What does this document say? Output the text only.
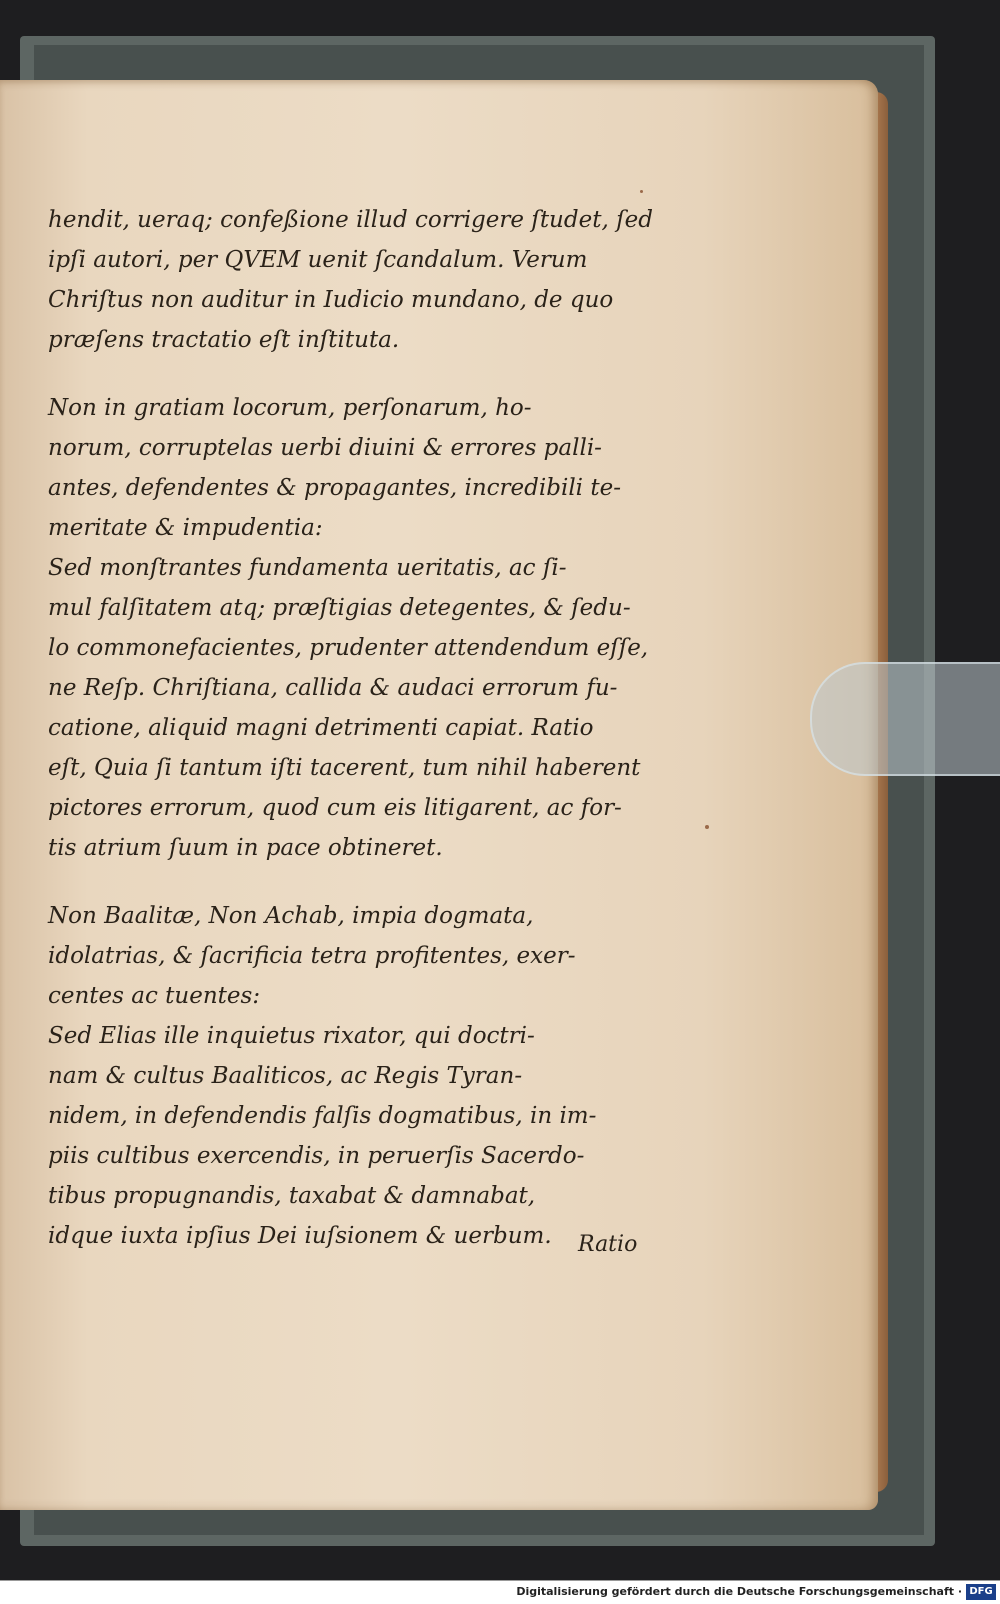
hendit, ueraq; confeßione illud corrigere ſtudet, ſed
ipſi autori, per QVEM uenit ſcandalum. Verum
Chriſtus non auditur in Iudicio mundano, de quo
præſens tractatio eſt inſtituta.
Non in gratiam locorum, perſonarum, ho-
norum, corruptelas uerbi diuini & errores palli-
antes, defendentes & propagantes, incredibili te-
meritate & impudentia:
Sed monſtrantes fundamenta ueritatis, ac ſi-
mul falſitatem atq; præſtigias detegentes, & ſedu-
lo commonefacientes, prudenter attendendum eſſe,
ne Reſp. Chriſtiana, callida & audaci errorum fu-
catione, aliquid magni detrimenti capiat. Ratio
eſt, Quia ſi tantum iſti tacerent, tum nihil haberent
pictores errorum, quod cum eis litigarent, ac for-
tis atrium ſuum in pace obtineret.
Non Baalitæ, Non Achab, impia dogmata,
idolatrias, & ſacrificia tetra profitentes, exer-
centes ac tuentes:
Sed Elias ille inquietus rixator, qui doctri-
nam & cultus Baaliticos, ac Regis Tyran-
nidem, in defendendis falſis dogmatibus, in im-
piis cultibus exercendis, in peruerſis Sacerdo-
tibus propugnandis, taxabat & damnabat,
idque iuxta ipſius Dei iuſsionem & uerbum.	Ratio
Digitalisierung gefördert durch die Deutsche Forschungsgemeinschaft · DFG
